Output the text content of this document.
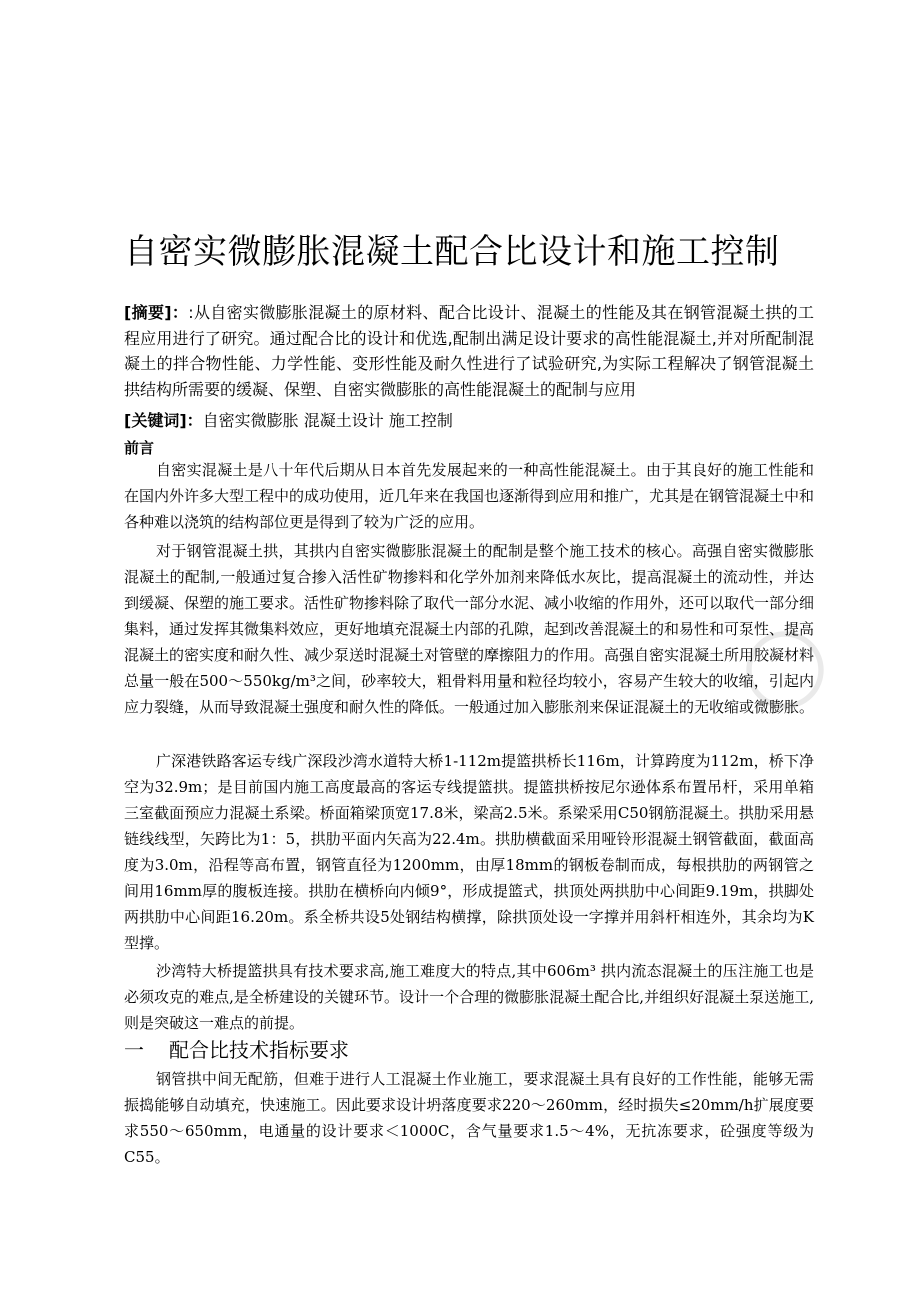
自密实微膨胀混凝土配合比设计和施工控制
[摘要]：:从自密实微膨胀混凝土的原材料、配合比设计、混凝土的性能及其在钢管混凝土拱的工程应用进行了研究。通过配合比的设计和优选,配制出满足设计要求的高性能混凝土,并对所配制混凝土的拌合物性能、力学性能、变形性能及耐久性进行了试验研究,为实际工程解决了钢管混凝土拱结构所需要的缓凝、保塑、自密实微膨胀的高性能混凝土的配制与应用
[关键词]：自密实微膨胀 混凝土设计 施工控制
前言

自密实混凝土是八十年代后期从日本首先发展起来的一种高性能混凝土。由于其良好的施工性能和在国内外许多大型工程中的成功使用，近几年来在我国也逐渐得到应用和推广，尤其是在钢管混凝土中和各种难以浇筑的结构部位更是得到了较为广泛的应用。

对于钢管混凝土拱，其拱内自密实微膨胀混凝土的配制是整个施工技术的核心。高强自密实微膨胀混凝土的配制,一般通过复合掺入活性矿物掺料和化学外加剂来降低水灰比，提高混凝土的流动性，并达到缓凝、保塑的施工要求。活性矿物掺料除了取代一部分水泥、减小收缩的作用外，还可以取代一部分细集料，通过发挥其微集料效应，更好地填充混凝土内部的孔隙，起到改善混凝土的和易性和可泵性、提高混凝土的密实度和耐久性、减少泵送时混凝土对管壁的摩擦阻力的作用。高强自密实混凝土所用胶凝材料总量一般在500～550kg/m³之间，砂率较大，粗骨料用量和粒径均较小，容易产生较大的收缩，引起内应力裂缝，从而导致混凝土强度和耐久性的降低。一般通过加入膨胀剂来保证混凝土的无收缩或微膨胀。

广深港铁路客运专线广深段沙湾水道特大桥1-112m提篮拱桥长116m，计算跨度为112m，桥下净空为32.9m；是目前国内施工高度最高的客运专线提篮拱。提篮拱桥按尼尔逊体系布置吊杆，采用单箱三室截面预应力混凝土系梁。桥面箱梁顶宽17.8米，梁高2.5米。系梁采用C50钢筋混凝土。拱肋采用悬链线线型，矢跨比为1：5，拱肋平面内矢高为22.4m。拱肋横截面采用哑铃形混凝土钢管截面，截面高度为3.0m，沿程等高布置，钢管直径为1200mm，由厚18mm的钢板卷制而成，每根拱肋的两钢管之间用16mm厚的腹板连接。拱肋在横桥向内倾9°，形成提篮式，拱顶处两拱肋中心间距9.19m，拱脚处两拱肋中心间距16.20m。系全桥共设5处钢结构横撑，除拱顶处设一字撑并用斜杆相连外，其余均为K型撑。

沙湾特大桥提篮拱具有技术要求高,施工难度大的特点,其中606m³ 拱内流态混凝土的压注施工也是必须攻克的难点,是全桥建设的关键环节。设计一个合理的微膨胀混凝土配合比,并组织好混凝土泵送施工,则是突破这一难点的前提。

一 配合比技术指标要求

钢管拱中间无配筋，但难于进行人工混凝土作业施工，要求混凝土具有良好的工作性能，能够无需振捣能够自动填充，快速施工。因此要求设计坍落度要求220～260mm，经时损失≤20mm/h扩展度要求550～650mm，电通量的设计要求＜1000C，含气量要求1.5～4%，无抗冻要求，砼强度等级为C55。
